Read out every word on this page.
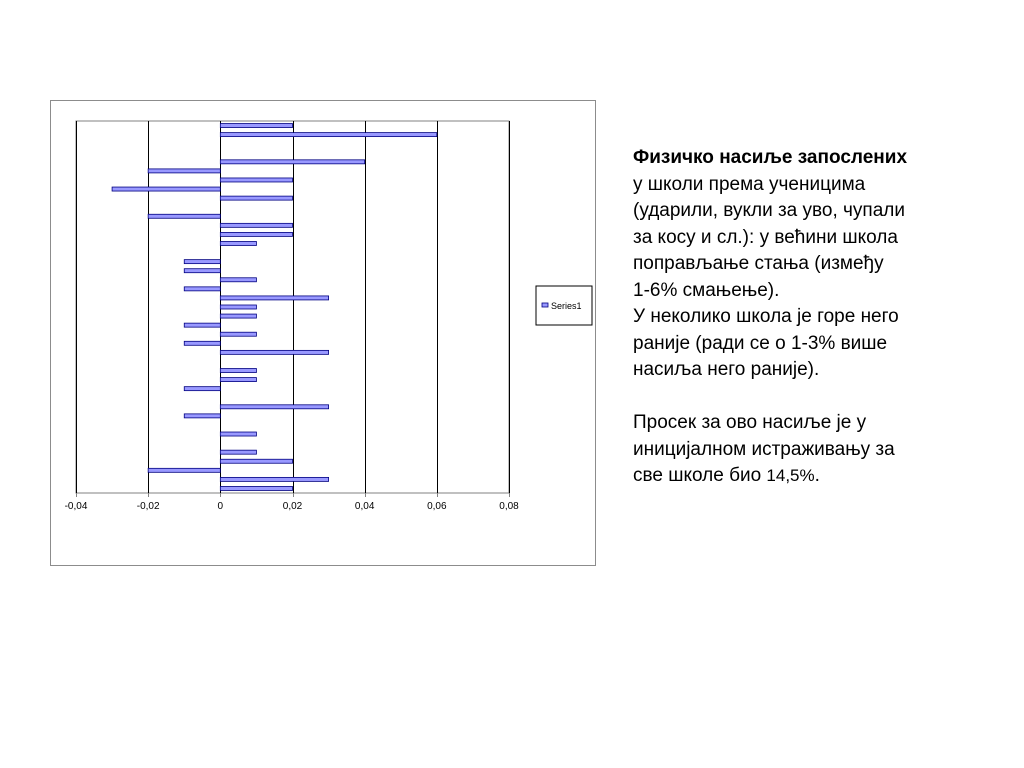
-0,04	-0,02	0	0,02	0,04	0,06	0,08
Series1

Физичко насиље запослених

у школи према ученицима

(ударили, вукли за уво, чупали

за косу и сл.): у већини школа

поправљање стања (између

1-6% смањење).

У неколико школа је горе него

раније (ради се о 1-3% више

насиља него раније).

Просек за ово насиље је у

иницијалном истраживању за

све школе био 14,5%.
